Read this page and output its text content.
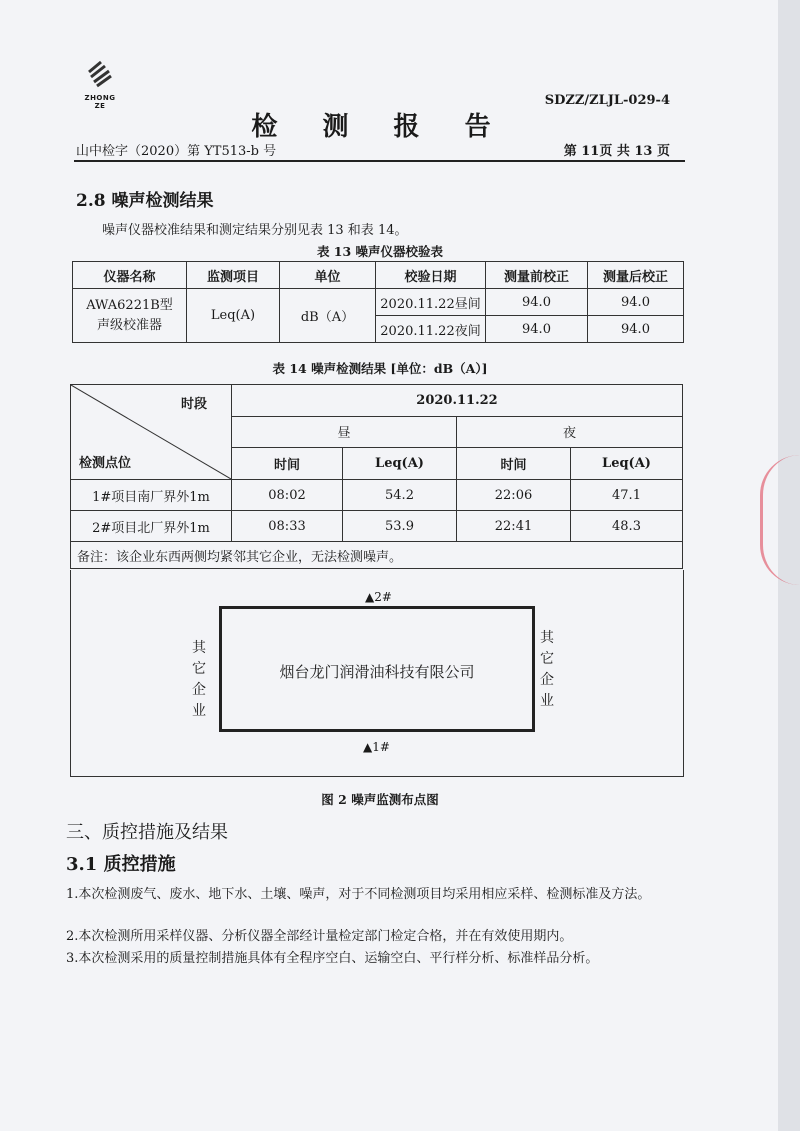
ZHONG ZE	SDZZ/ZLJL-029-4
检 测 报 告
山中检字（2020）第 YT513-b 号	第 11页 共 13 页
2.8 噪声检测结果
噪声仪器校准结果和测定结果分别见表 13 和表 14。
表 13 噪声仪器校验表
仪器名称	监测项目	单位	校验日期	测量前校正	测量后校正
AWA6221B型
声级校准器	Leq(A)	dB（A）	2020.11.22昼间	94.0	94.0
			2020.11.22夜间	94.0	94.0
表 14 噪声检测结果 [单位：dB（A）]
时段
检测点位	2020.11.22			
	昼		夜	
	时间	Leq(A)	时间	Leq(A)
1#项目南厂界外1m	08:02	54.2	22:06	47.1
2#项目北厂界外1m	08:33	53.9	22:41	48.3
备注：该企业东西两侧均紧邻其它企业，无法检测噪声。				
▲2#
其它企业
烟台龙门润滑油科技有限公司
其它企业
▲1#
图 2 噪声监测布点图
三、质控措施及结果
3.1 质控措施
1.本次检测废气、废水、地下水、土壤、噪声，对于不同检测项目均采用相应采样、检测标准及方法。
2.本次检测所用采样仪器、分析仪器全部经计量检定部门检定合格，并在有效使用期内。
3.本次检测采用的质量控制措施具体有全程序空白、运输空白、平行样分析、标准样品分析。
